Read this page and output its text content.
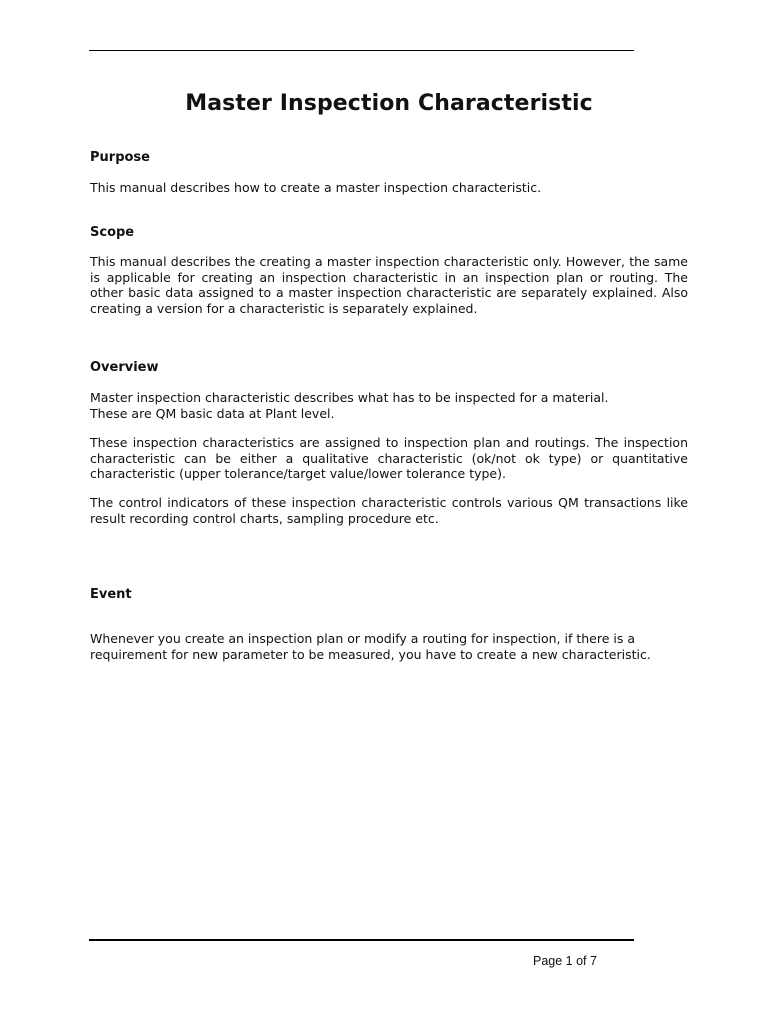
Master Inspection Characteristic
Purpose

This manual describes how to create a master inspection characteristic.

Scope

This manual describes the creating a master inspection characteristic only. However, the same is applicable for creating an inspection characteristic in an inspection plan or routing. The other basic data assigned to a master inspection characteristic are separately explained. Also creating a version for a characteristic is separately explained.

Overview

Master inspection characteristic describes what has to be inspected for a material.
These are QM basic data at Plant level.

These inspection characteristics are assigned to inspection plan and routings. The inspection characteristic can be either a qualitative characteristic (ok/not ok type) or quantitative characteristic (upper tolerance/target value/lower tolerance type).

The control indicators of these inspection characteristic controls various QM transactions like result recording control charts, sampling procedure etc.

Event

Whenever you create an inspection plan or modify a routing for inspection, if there is a requirement for new parameter to be measured, you have to create a new characteristic.

Page 1 of 7
